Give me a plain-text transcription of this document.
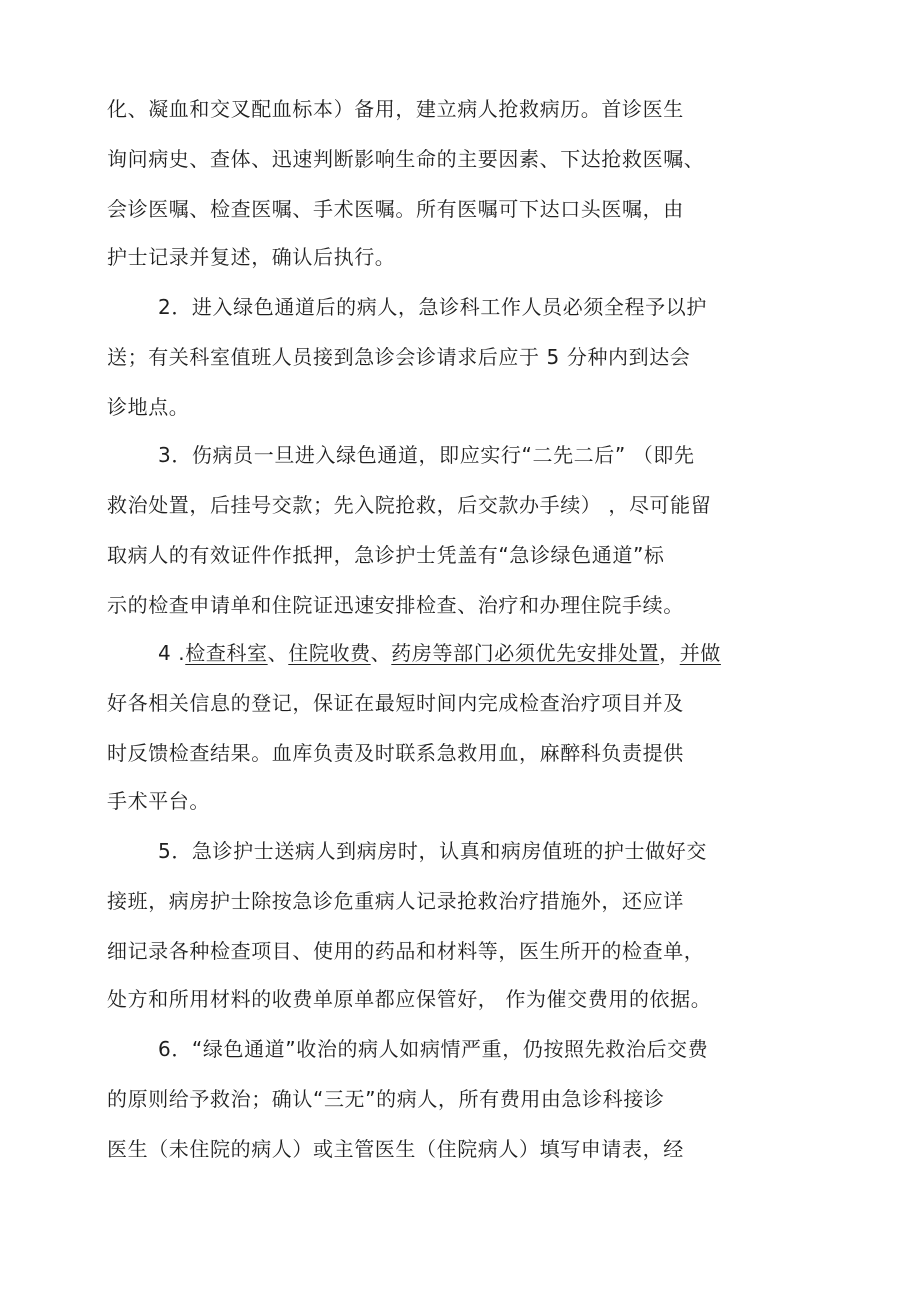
化、凝血和交叉配血标本）备用，建立病人抢救病历。首诊医生
询问病史、查体、迅速判断影响生命的主要因素、下达抢救医嘱、
会诊医嘱、检查医嘱、手术医嘱。所有医嘱可下达口头医嘱，由
护士记录并复述，确认后执行。
2．进入绿色通道后的病人，急诊科工作人员必须全程予以护
送；有关科室值班人员接到急诊会诊请求后应于 5 分种内到达会
诊地点。
3．伤病员一旦进入绿色通道，即应实行“二先二后” （即先
救治处置，后挂号交款；先入院抢救，后交款办手续） ，尽可能留
取病人的有效证件作抵押，急诊护士凭盖有“急诊绿色通道”标
示的检查申请单和住院证迅速安排检查、治疗和办理住院手续。
4 .检查科室、住院收费、药房等部门必须优先安排处置，并做
好各相关信息的登记，保证在最短时间内完成检查治疗项目并及
时反馈检查结果。血库负责及时联系急救用血，麻醉科负责提供
手术平台。
5．急诊护士送病人到病房时，认真和病房值班的护士做好交
接班，病房护士除按急诊危重病人记录抢救治疗措施外，还应详
细记录各种检查项目、使用的药品和材料等，医生所开的检查单，
处方和所用材料的收费单原单都应保管好， 作为催交费用的依据。
6．“绿色通道”收治的病人如病情严重，仍按照先救治后交费
的原则给予救治；确认“三无”的病人，所有费用由急诊科接诊
医生（未住院的病人）或主管医生（住院病人）填写申请表，经
